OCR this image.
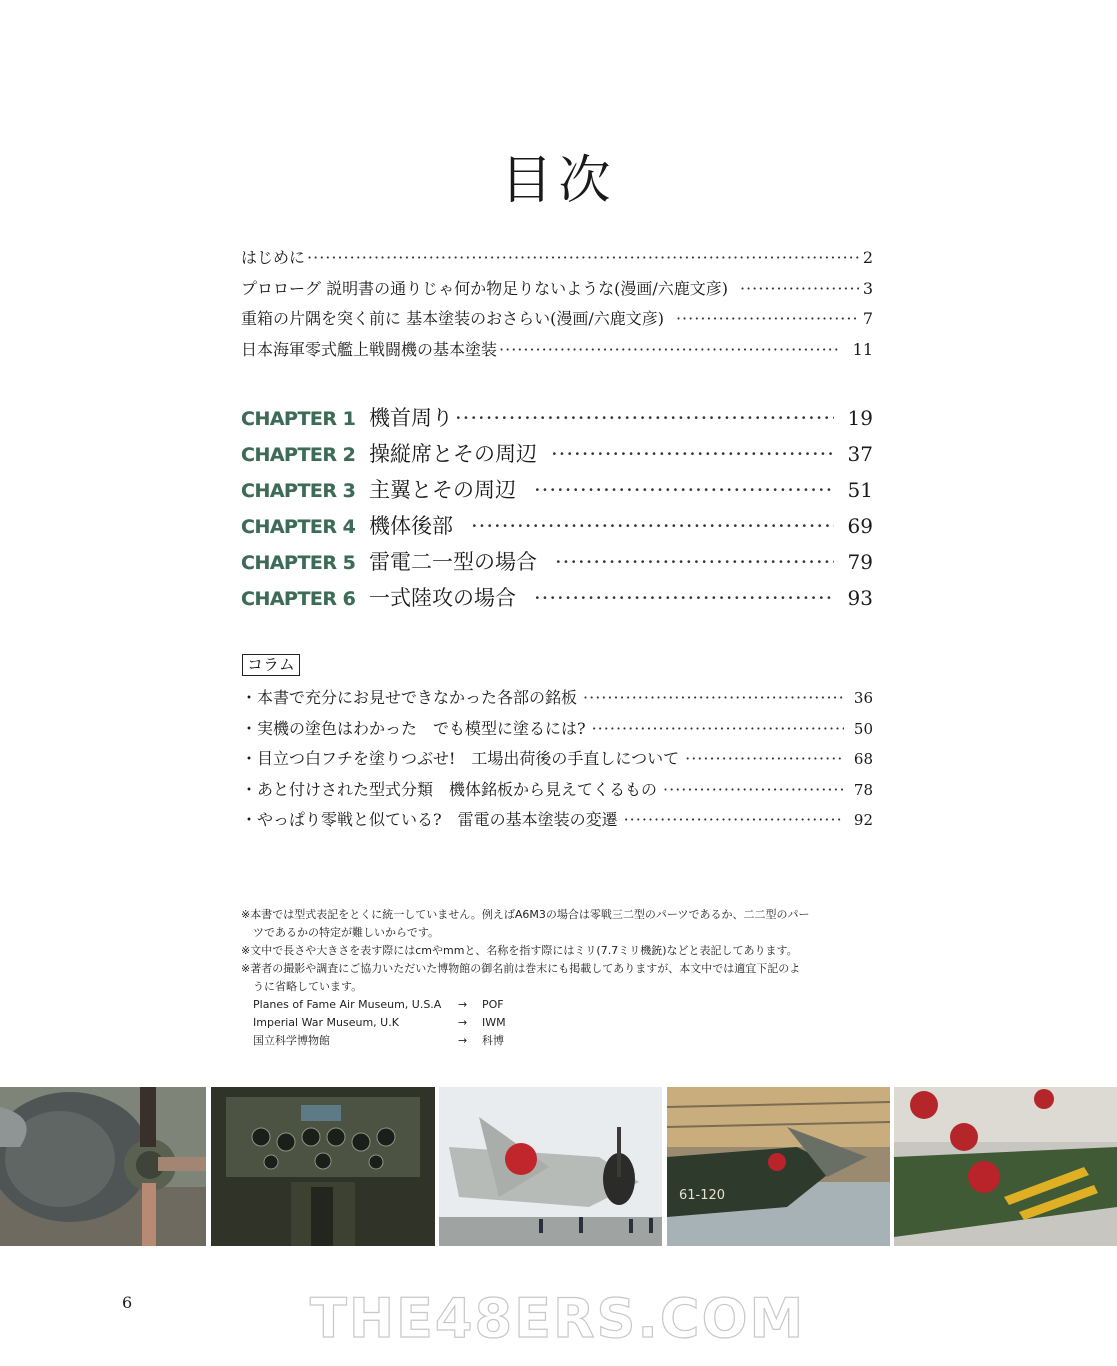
目次
はじめに ·····	2
プロローグ 説明書の通りじゃ何か物足りないような(漫画/六鹿文彦) ·····	3
重箱の片隅を突く前に 基本塗装のおさらい(漫画/六鹿文彦) ·····	7
日本海軍零式艦上戦闘機の基本塗装 ·····	11
CHAPTER 1 機首周り ·····	19
CHAPTER 2 操縦席とその周辺 ·····	37
CHAPTER 3 主翼とその周辺 ·····	51
CHAPTER 4 機体後部 ·····	69
CHAPTER 5 雷電二一型の場合 ·····	79
CHAPTER 6 一式陸攻の場合 ·····	93
コラム
・本書で充分にお見せできなかった各部の銘板 ·····	36
・実機の塗色はわかった　でも模型に塗るには? ·····	50
・目立つ白フチを塗りつぶせ!　工場出荷後の手直しについて ·····	68
・あと付けされた型式分類　機体銘板から見えてくるもの ·····	78
・やっぱり零戦と似ている?　雷電の基本塗装の変遷 ·····	92

※本書では型式表記をとくに統一していません。例えばA6M3の場合は零戦三二型のパーツであるか、二二型のパー

ツであるかの特定が難しいからです。

※文中で長さや大きさを表す際にはcmやmmと、名称を指す際にはミリ(7.7ミリ機銃)などと表記してあります。

※著者の撮影や調査にご協力いただいた博物館の御名前は巻末にも掲載してありますが、本文中では適宜下記のよ

うに省略しています。

Planes of Fame Air Museum, U.S.A	→	POF
Imperial War Museum, U.K	→	IWM
国立科学博物館	→	科博
61-120
6	THE48ERS.COM
